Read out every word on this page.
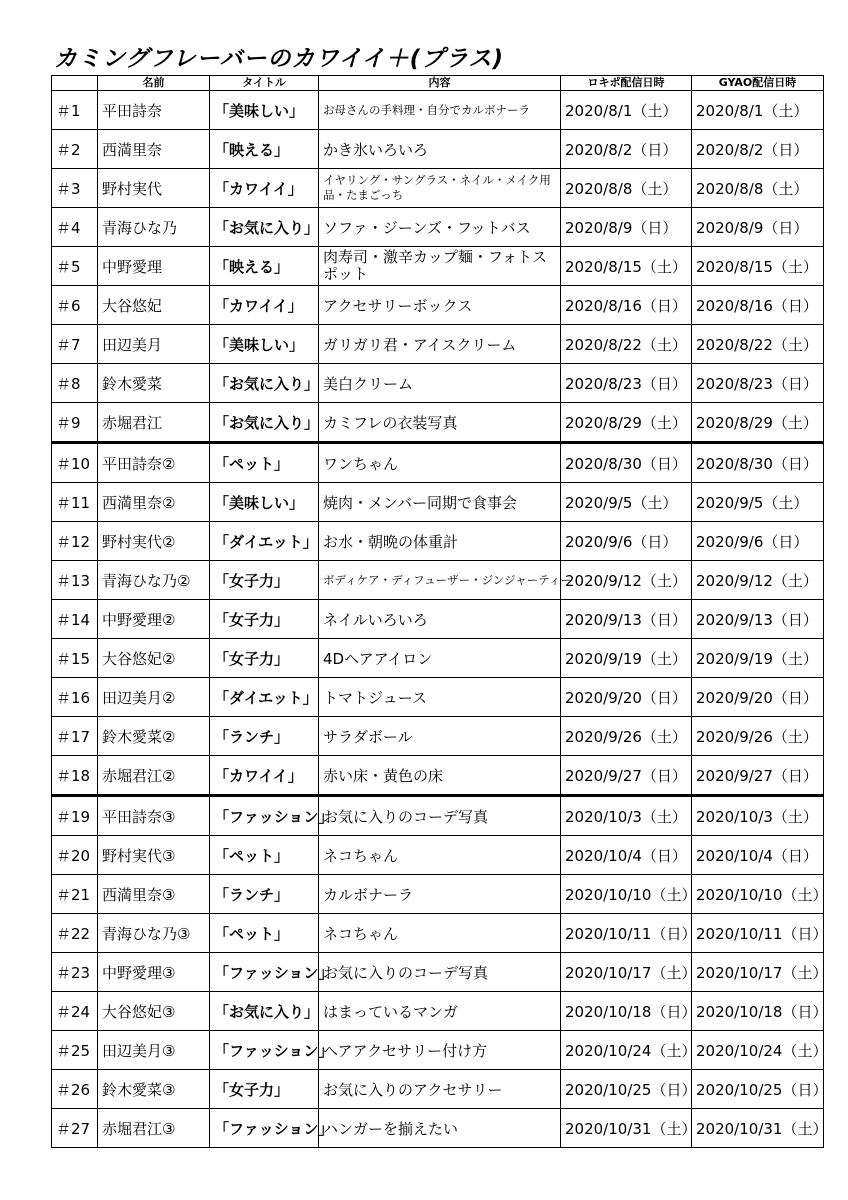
カミングフレーバーのカワイイ＋(プラス)
	名前	タイトル	内容	ロキポ配信日時	GYAO配信日時
＃1	平田詩奈	「美味しい」	お母さんの手料理・自分でカルボナーラ	2020/8/1（土）	2020/8/1（土）
＃2	西満里奈	「映える」	かき氷いろいろ	2020/8/2（日）	2020/8/2（日）
＃3	野村実代	「カワイイ」	イヤリング・サングラス・ネイル・メイク用品・たまごっち	2020/8/8（土）	2020/8/8（土）
＃4	青海ひな乃	「お気に入り」	ソファ・ジーンズ・フットバス	2020/8/9（日）	2020/8/9（日）
＃5	中野愛理	「映える」	肉寿司・激辛カップ麺・フォトスポット	2020/8/15（土）	2020/8/15（土）
＃6	大谷悠妃	「カワイイ」	アクセサリーボックス	2020/8/16（日）	2020/8/16（日）
＃7	田辺美月	「美味しい」	ガリガリ君・アイスクリーム	2020/8/22（土）	2020/8/22（土）
＃8	鈴木愛菜	「お気に入り」	美白クリーム	2020/8/23（日）	2020/8/23（日）
＃9	赤堀君江	「お気に入り」	カミフレの衣装写真	2020/8/29（土）	2020/8/29（土）
＃10	平田詩奈②	「ペット」	ワンちゃん	2020/8/30（日）	2020/8/30（日）
＃11	西満里奈②	「美味しい」	焼肉・メンバー同期で食事会	2020/9/5（土）	2020/9/5（土）
＃12	野村実代②	「ダイエット」	お水・朝晩の体重計	2020/9/6（日）	2020/9/6（日）
＃13	青海ひな乃②	「女子力」	ボディケア・ディフューザー・ジンジャーティー	2020/9/12（土）	2020/9/12（土）
＃14	中野愛理②	「女子力」	ネイルいろいろ	2020/9/13（日）	2020/9/13（日）
＃15	大谷悠妃②	「女子力」	4Dヘアアイロン	2020/9/19（土）	2020/9/19（土）
＃16	田辺美月②	「ダイエット」	トマトジュース	2020/9/20（日）	2020/9/20（日）
＃17	鈴木愛菜②	「ランチ」	サラダボール	2020/9/26（土）	2020/9/26（土）
＃18	赤堀君江②	「カワイイ」	赤い床・黄色の床	2020/9/27（日）	2020/9/27（日）
＃19	平田詩奈③	「ファッション」	お気に入りのコーデ写真	2020/10/3（土）	2020/10/3（土）
＃20	野村実代③	「ペット」	ネコちゃん	2020/10/4（日）	2020/10/4（日）
＃21	西満里奈③	「ランチ」	カルボナーラ	2020/10/10（土）	2020/10/10（土）
＃22	青海ひな乃③	「ペット」	ネコちゃん	2020/10/11（日）	2020/10/11（日）
＃23	中野愛理③	「ファッション」	お気に入りのコーデ写真	2020/10/17（土）	2020/10/17（土）
＃24	大谷悠妃③	「お気に入り」	はまっているマンガ	2020/10/18（日）	2020/10/18（日）
＃25	田辺美月③	「ファッション」	ヘアアクセサリー付け方	2020/10/24（土）	2020/10/24（土）
＃26	鈴木愛菜③	「女子力」	お気に入りのアクセサリー	2020/10/25（日）	2020/10/25（日）
＃27	赤堀君江③	「ファッション」	ハンガーを揃えたい	2020/10/31（土）	2020/10/31（土）
